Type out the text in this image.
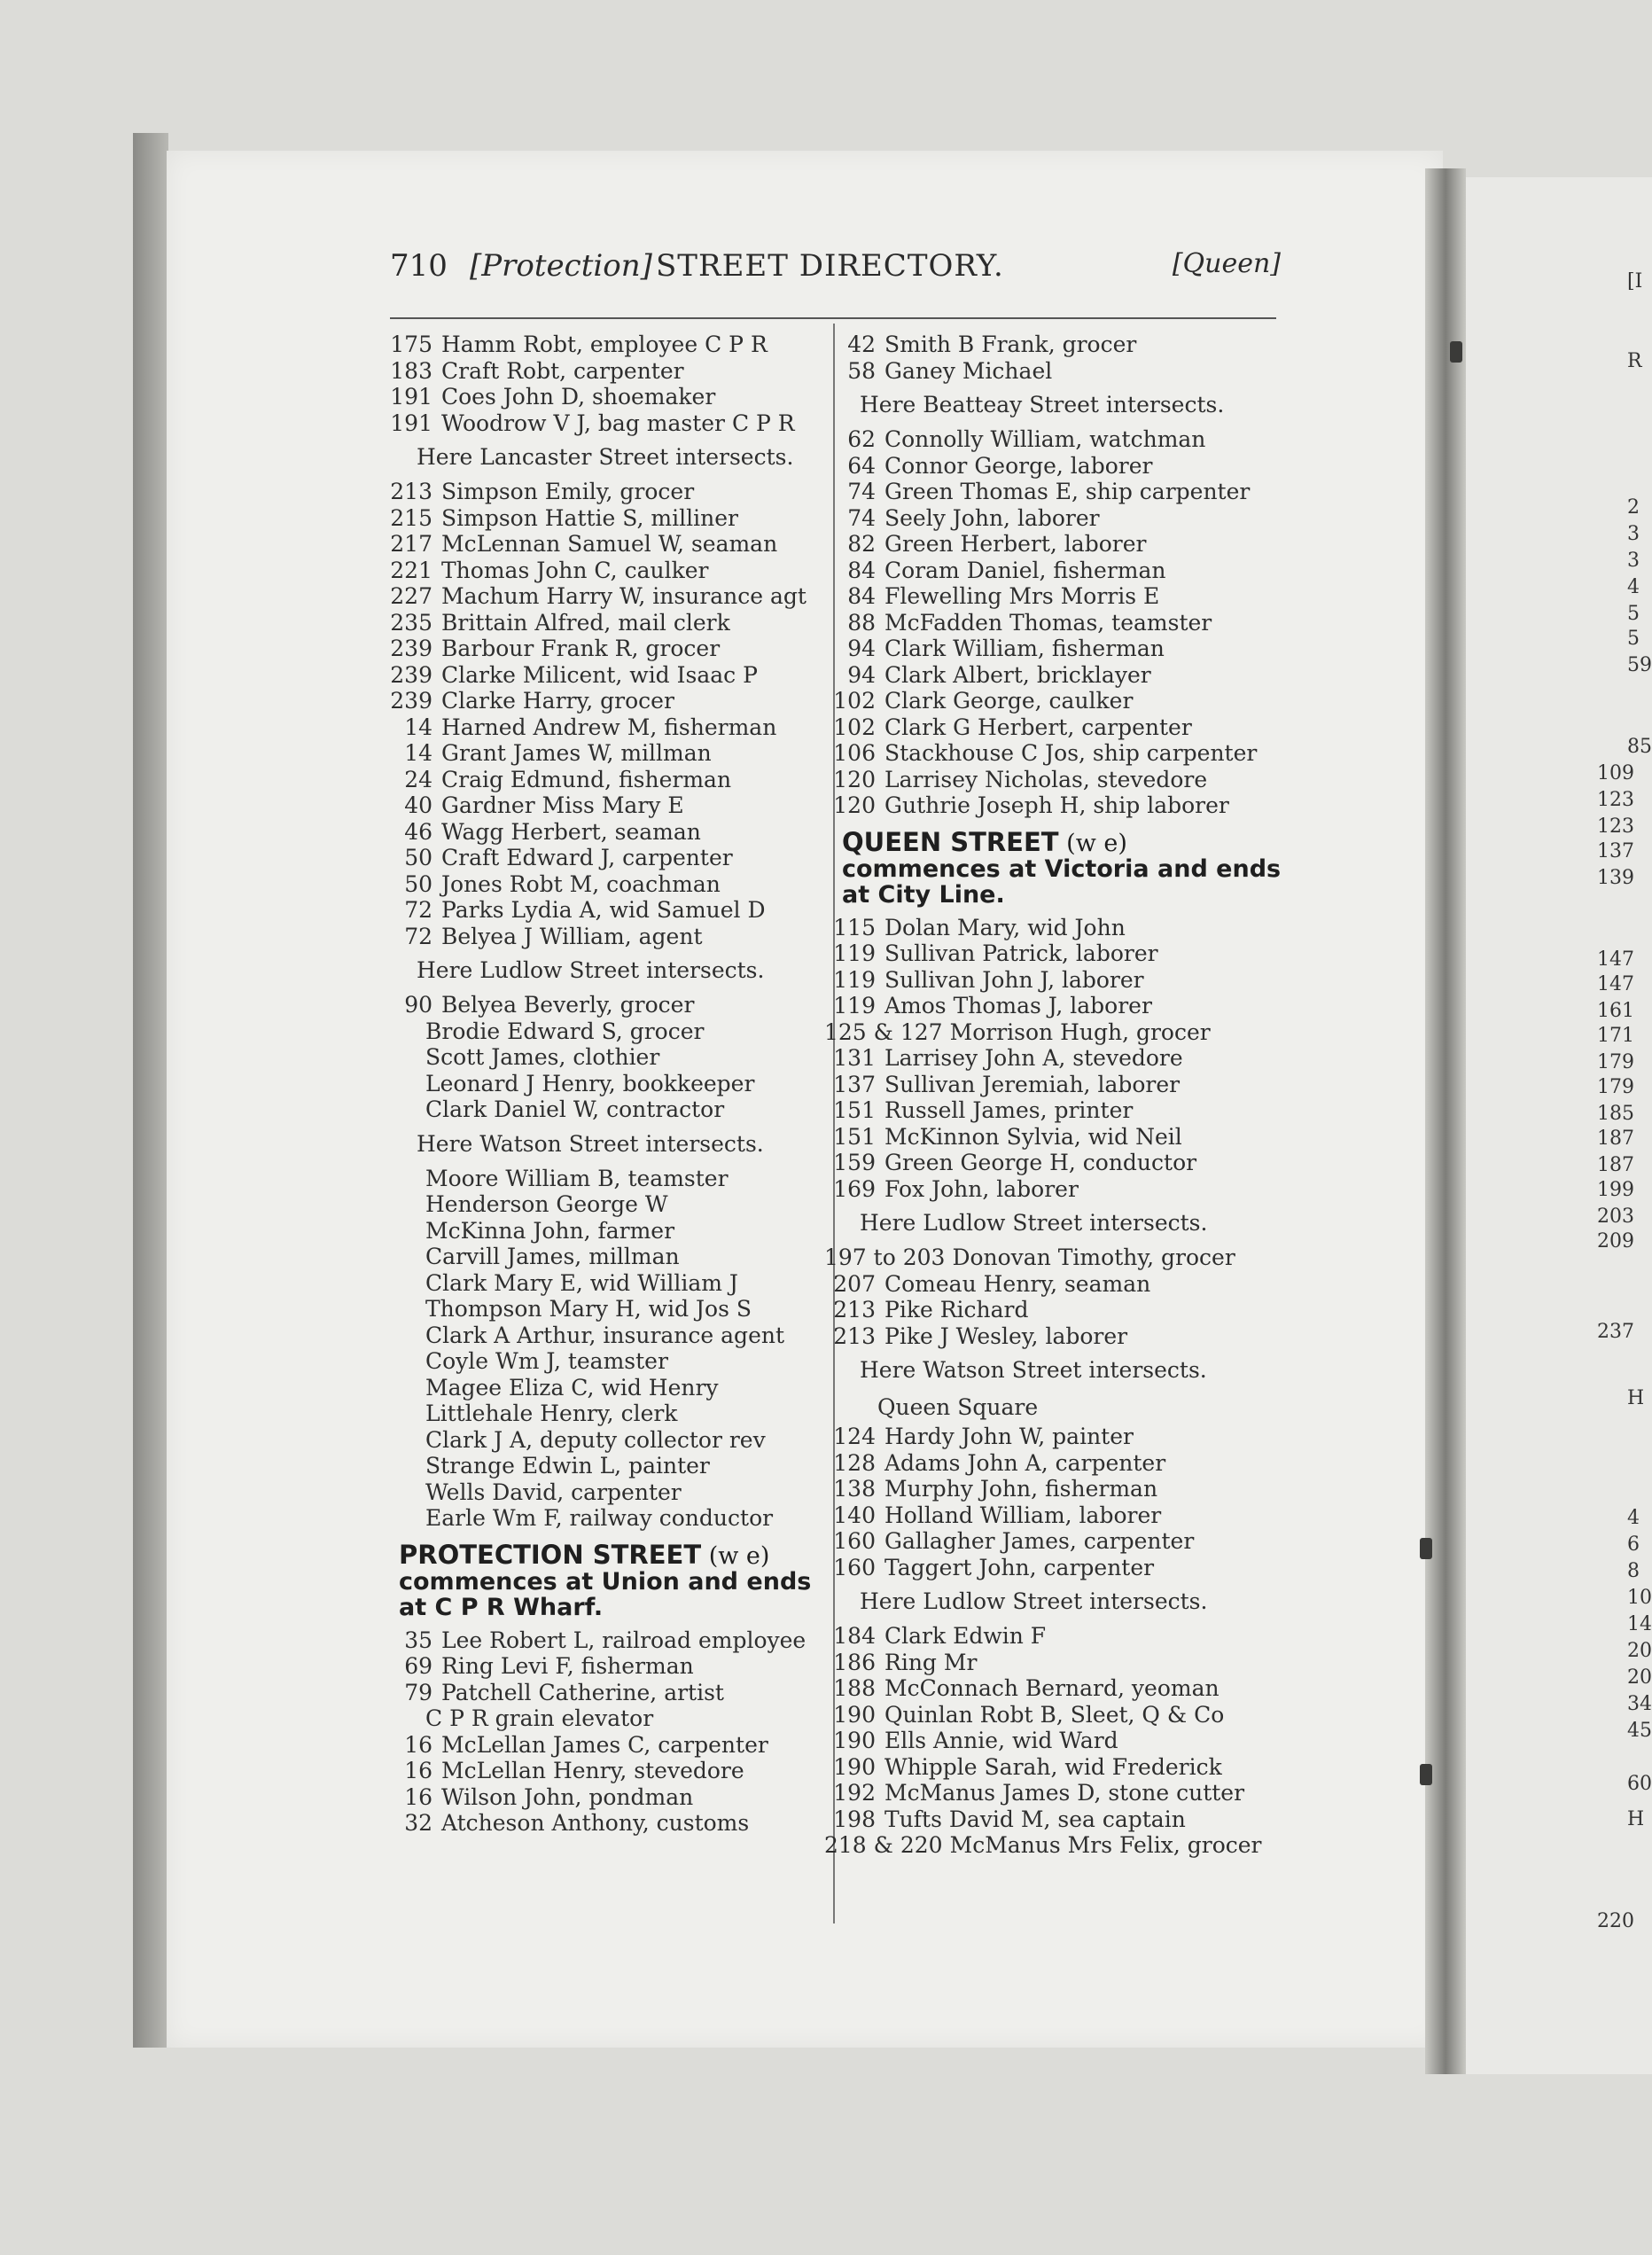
710 [Protection] STREET DIRECTORY.	[Queen]
175 Hamm Robt, employee C P R
183 Craft Robt, carpenter
191 Coes John D, shoemaker
191 Woodrow V J, bag master C P R
Here Lancaster Street intersects.
213 Simpson Emily, grocer
215 Simpson Hattie S, milliner
217 McLennan Samuel W, seaman
221 Thomas John C, caulker
227 Machum Harry W, insurance agt
235 Brittain Alfred, mail clerk
239 Barbour Frank R, grocer
239 Clarke Milicent, wid Isaac P
239 Clarke Harry, grocer
14 Harned Andrew M, fisherman
14 Grant James W, millman
24 Craig Edmund, fisherman
40 Gardner Miss Mary E
46 Wagg Herbert, seaman
50 Craft Edward J, carpenter
50 Jones Robt M, coachman
72 Parks Lydia A, wid Samuel D
72 Belyea J William, agent
Here Ludlow Street intersects.
90 Belyea Beverly, grocer
Brodie Edward S, grocer
Scott James, clothier
Leonard J Henry, bookkeeper
Clark Daniel W, contractor
Here Watson Street intersects.
Moore William B, teamster
Henderson George W
McKinna John, farmer
Carvill James, millman
Clark Mary E, wid William J
Thompson Mary H, wid Jos S
Clark A Arthur, insurance agent
Coyle Wm J, teamster
Magee Eliza C, wid Henry
Littlehale Henry, clerk
Clark J A, deputy collector rev
Strange Edwin L, painter
Wells David, carpenter
Earle Wm F, railway conductor
PROTECTION STREET (w e) commences at Union and ends at C P R Wharf.
35 Lee Robert L, railroad employee
69 Ring Levi F, fisherman
79 Patchell Catherine, artist
C P R grain elevator
16 McLellan James C, carpenter
16 McLellan Henry, stevedore
16 Wilson John, pondman
32 Atcheson Anthony, customs
42 Smith B Frank, grocer
58 Ganey Michael
Here Beatteay Street intersects.
62 Connolly William, watchman
64 Connor George, laborer
74 Green Thomas E, ship carpenter
74 Seely John, laborer
82 Green Herbert, laborer
84 Coram Daniel, fisherman
84 Flewelling Mrs Morris E
88 McFadden Thomas, teamster
94 Clark William, fisherman
94 Clark Albert, bricklayer
102 Clark George, caulker
102 Clark G Herbert, carpenter
106 Stackhouse C Jos, ship carpenter
120 Larrisey Nicholas, stevedore
120 Guthrie Joseph H, ship laborer
QUEEN STREET (w e) commences at Victoria and ends at City Line.
115 Dolan Mary, wid John
119 Sullivan Patrick, laborer
119 Sullivan John J, laborer
119 Amos Thomas J, laborer
125 & 127 Morrison Hugh, grocer
131 Larrisey John A, stevedore
137 Sullivan Jeremiah, laborer
151 Russell James, printer
151 McKinnon Sylvia, wid Neil
159 Green George H, conductor
169 Fox John, laborer
Here Ludlow Street intersects.
197 to 203 Donovan Timothy, grocer
207 Comeau Henry, seaman
213 Pike Richard
213 Pike J Wesley, laborer
Here Watson Street intersects.
Queen Square
124 Hardy John W, painter
128 Adams John A, carpenter
138 Murphy John, fisherman
140 Holland William, laborer
160 Gallagher James, carpenter
160 Taggert John, carpenter
Here Ludlow Street intersects.
184 Clark Edwin F
186 Ring Mr
188 McConnach Bernard, yeoman
190 Quinlan Robt B, Sleet, Q & Co
190 Ells Annie, wid Ward
190 Whipple Sarah, wid Frederick
192 McManus James D, stone cutter
198 Tufts David M, sea captain
218 & 220 McManus Mrs Felix, grocer
[I
R
2
3
3
4
5
5
59
85
109
123
123
137
139
147
147
161
171
179
179
185
187
187
199
203
209
237
H
4
6
8
10
14
20
20
34
45
60
H
220
